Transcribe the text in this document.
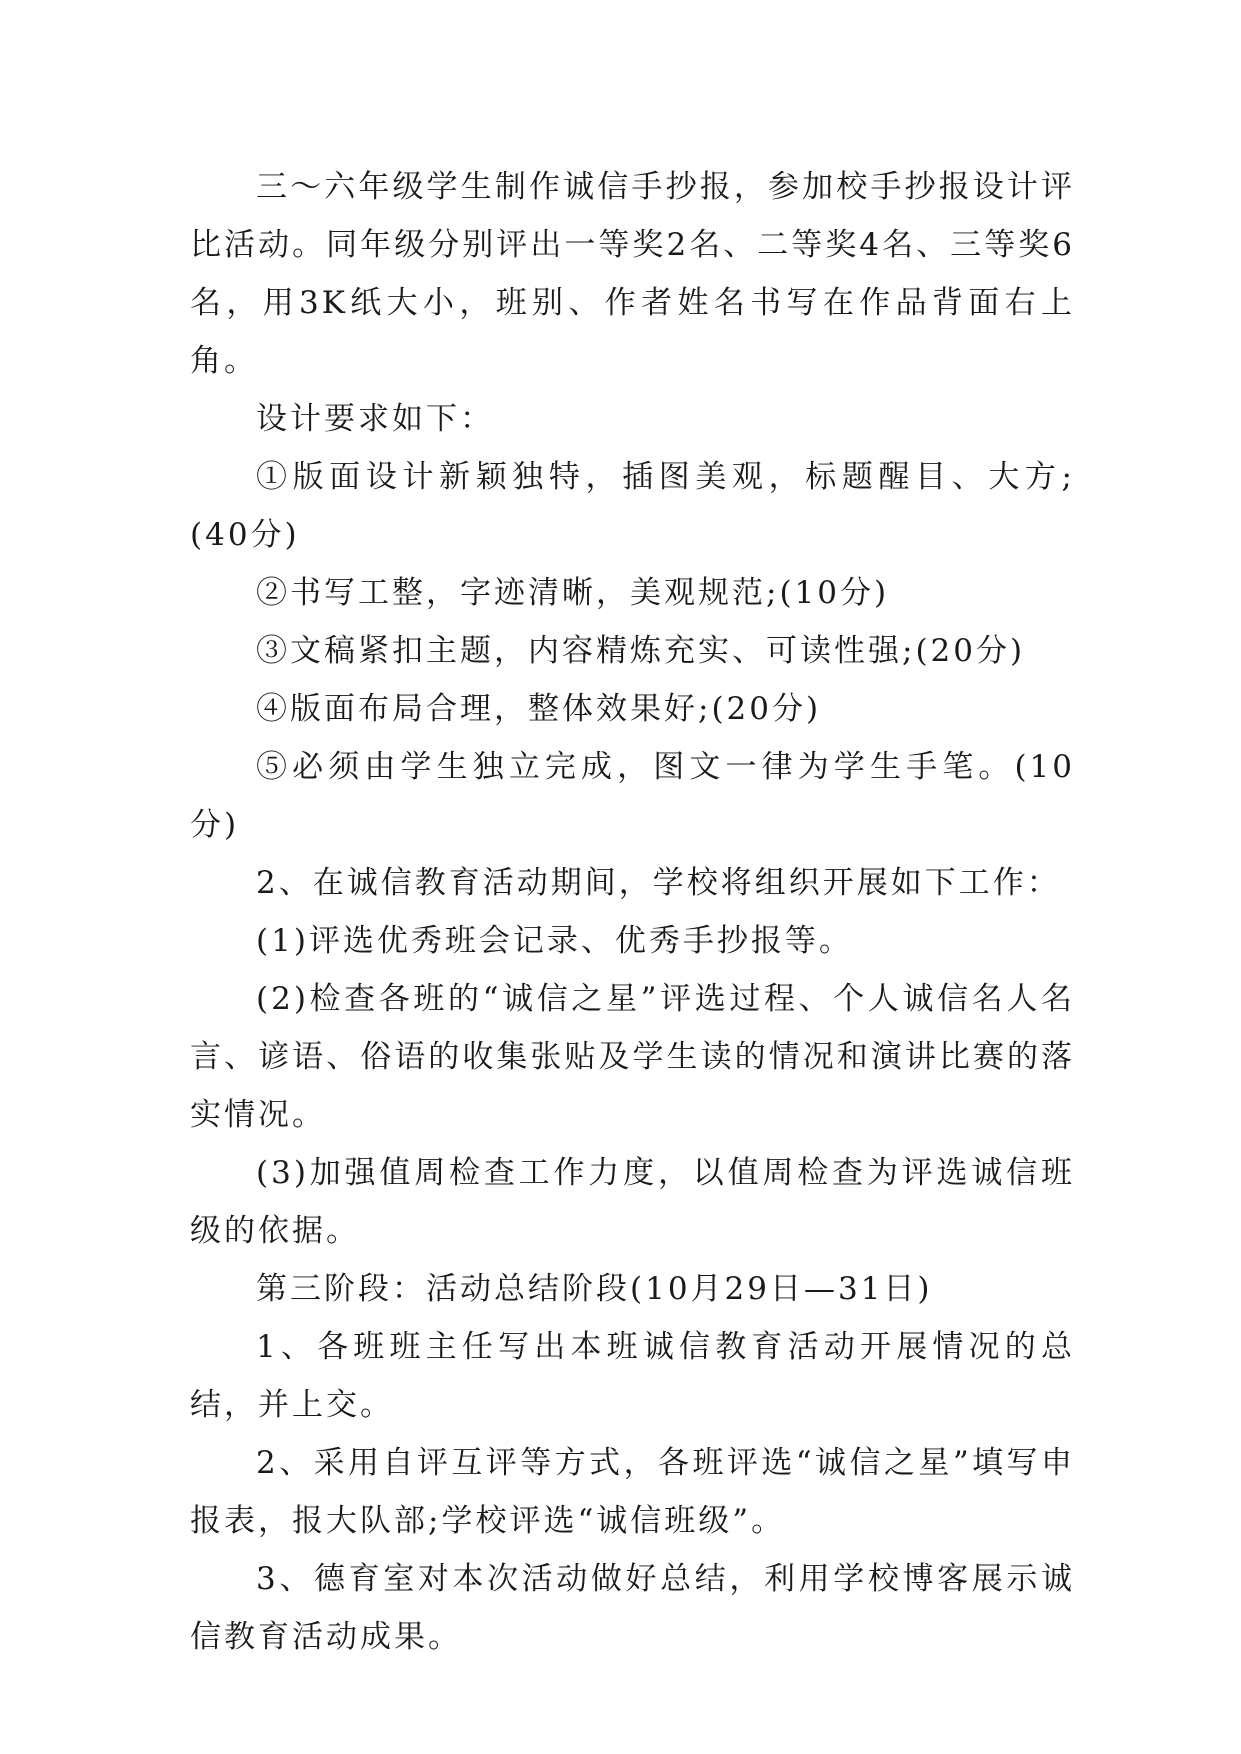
三～六年级学生制作诚信手抄报，参加校手抄报设计评比活动。同年级分别评出一等奖2名、二等奖4名、三等奖6名，用3K纸大小，班别、作者姓名书写在作品背面右上角。

设计要求如下：

①版面设计新颖独特，插图美观，标题醒目、大方;(40分)

②书写工整，字迹清晰，美观规范;(10分)

③文稿紧扣主题，内容精炼充实、可读性强;(20分)

④版面布局合理，整体效果好;(20分)

⑤必须由学生独立完成，图文一律为学生手笔。(10分)

2、在诚信教育活动期间，学校将组织开展如下工作：

(1)评选优秀班会记录、优秀手抄报等。

(2)检查各班的“诚信之星”评选过程、个人诚信名人名言、谚语、俗语的收集张贴及学生读的情况和演讲比赛的落实情况。

(3)加强值周检查工作力度，以值周检查为评选诚信班级的依据。

第三阶段：活动总结阶段(10月29日—31日)

1、各班班主任写出本班诚信教育活动开展情况的总结，并上交。

2、采用自评互评等方式，各班评选“诚信之星”填写申报表，报大队部;学校评选“诚信班级”。

3、德育室对本次活动做好总结，利用学校博客展示诚信教育活动成果。
